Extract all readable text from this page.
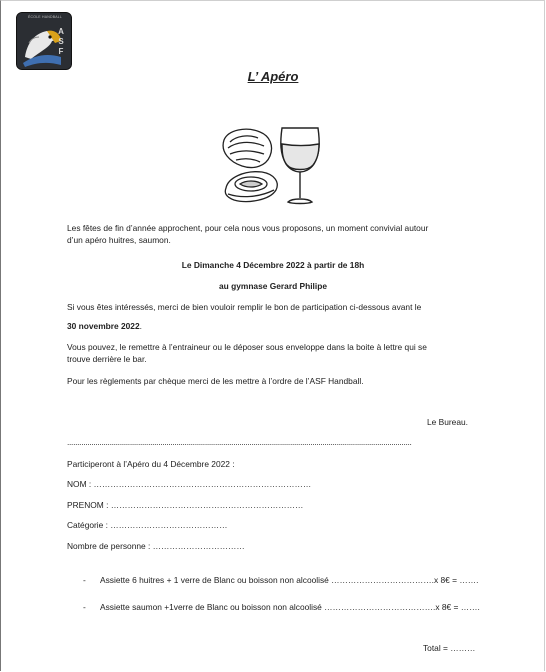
ASF
ÉCOLE HANDBALL
L’ Apéro
Les fêtes de fin d’année approchent, pour cela nous vous proposons, un moment convivial autour
d’un apéro huitres, saumon.
Le Dimanche 4 Décembre 2022 à partir de 18h
au gymnase Gerard Philipe
Si vous êtes intéressés, merci de bien vouloir remplir le bon de participation ci-dessous avant le
30 novembre 2022.
Vous pouvez, le remettre à l’entraineur ou le déposer sous enveloppe dans la boite à lettre qui se
trouve derrière le bar.
Pour les règlements par chèque merci de les mettre à l’ordre de l’ASF Handball.
Le Bureau.
..........................................................................................................................................................................
Participeront à l’Apéro du 4 Décembre 2022 :
NOM : ……………………………………………………………………
PRENOM : ……………………………………………………………
Catégorie : ……………………………………
Nombre de personne : ……………………………
- Assiette 6 huitres + 1 verre de Blanc ou boisson non alcoolisé ……………………………….x 8€ = …….
- Assiette saumon +1verre de Blanc ou boisson non alcoolisé ………………………………….x 8€ = …….
Total = ………
